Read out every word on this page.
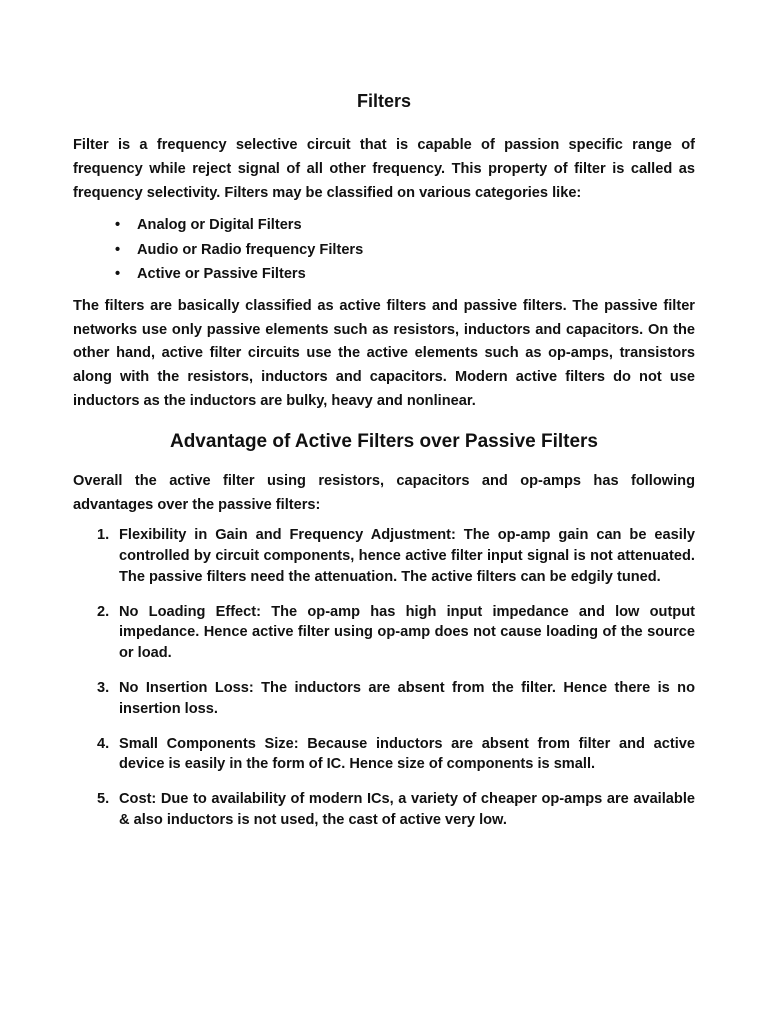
Filters

Filter is a frequency selective circuit that is capable of passion specific range of frequency while reject signal of all other frequency. This property of filter is called as frequency selectivity. Filters may be classified on various categories like:

• Analog or Digital Filters
• Audio or Radio frequency Filters
• Active or Passive Filters

The filters are basically classified as active filters and passive filters. The passive filter networks use only passive elements such as resistors, inductors and capacitors. On the other hand, active filter circuits use the active elements such as op-amps, transistors along with the resistors, inductors and capacitors. Modern active filters do not use inductors as the inductors are bulky, heavy and nonlinear.

Advantage of Active Filters over Passive Filters

Overall the active filter using resistors, capacitors and op-amps has following advantages over the passive filters:

1. Flexibility in Gain and Frequency Adjustment: The op-amp gain can be easily controlled by circuit components, hence active filter input signal is not attenuated. The passive filters need the attenuation. The active filters can be edgily tuned.
2. No Loading Effect: The op-amp has high input impedance and low output impedance. Hence active filter using op-amp does not cause loading of the source or load.
3. No Insertion Loss: The inductors are absent from the filter. Hence there is no insertion loss.
4. Small Components Size: Because inductors are absent from filter and active device is easily in the form of IC. Hence size of components is small.
5. Cost: Due to availability of modern ICs, a variety of cheaper op-amps are available & also inductors is not used, the cast of active very low.
